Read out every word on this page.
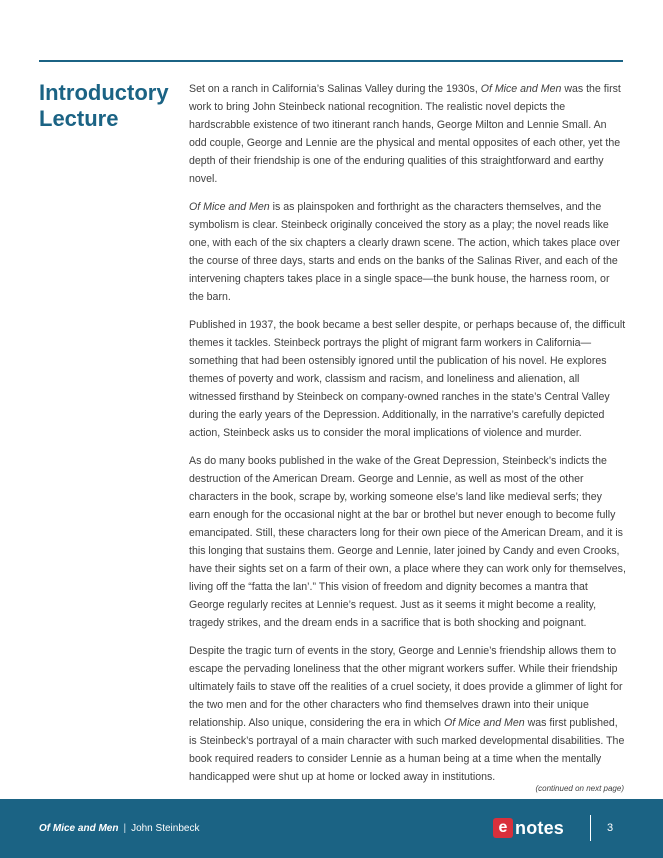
Introductory Lecture

Set on a ranch in California’s Salinas Valley during the 1930s, Of Mice and Men was the first work to bring John Steinbeck national recognition. The realistic novel depicts the hardscrabble existence of two itinerant ranch hands, George Milton and Lennie Small. An odd couple, George and Lennie are the physical and mental opposites of each other, yet the depth of their friendship is one of the enduring qualities of this straightforward and earthy novel.

Of Mice and Men is as plainspoken and forthright as the characters themselves, and the symbolism is clear. Steinbeck originally conceived the story as a play; the novel reads like one, with each of the six chapters a clearly drawn scene. The action, which takes place over the course of three days, starts and ends on the banks of the Salinas River, and each of the intervening chapters takes place in a single space—the bunk house, the harness room, or the barn.

Published in 1937, the book became a best seller despite, or perhaps because of, the difficult themes it tackles. Steinbeck portrays the plight of migrant farm workers in California—something that had been ostensibly ignored until the publication of his novel. He explores themes of poverty and work, classism and racism, and loneliness and alienation, all witnessed firsthand by Steinbeck on company-owned ranches in the state’s Central Valley during the early years of the Depression. Additionally, in the narrative’s carefully depicted action, Steinbeck asks us to consider the moral implications of violence and murder.

As do many books published in the wake of the Great Depression, Steinbeck’s indicts the destruction of the American Dream. George and Lennie, as well as most of the other characters in the book, scrape by, working someone else’s land like medieval serfs; they earn enough for the occasional night at the bar or brothel but never enough to become fully emancipated. Still, these characters long for their own piece of the American Dream, and it is this longing that sustains them. George and Lennie, later joined by Candy and even Crooks, have their sights set on a farm of their own, a place where they can work only for themselves, living off the “fatta the lan’.” This vision of freedom and dignity becomes a mantra that George regularly recites at Lennie’s request. Just as it seems it might become a reality, tragedy strikes, and the dream ends in a sacrifice that is both shocking and poignant.

Despite the tragic turn of events in the story, George and Lennie’s friendship allows them to escape the pervading loneliness that the other migrant workers suffer. While their friendship ultimately fails to stave off the realities of a cruel society, it does provide a glimmer of light for the two men and for the other characters who find themselves drawn into their unique relationship. Also unique, considering the era in which Of Mice and Men was first published, is Steinbeck’s portrayal of a main character with such marked developmental disabilities. The book required readers to consider Lennie as a human being at a time when the mentally handicapped were shut up at home or locked away in institutions.

(continued on next page)
Of Mice and Men | John Steinbeck	e notes	3
